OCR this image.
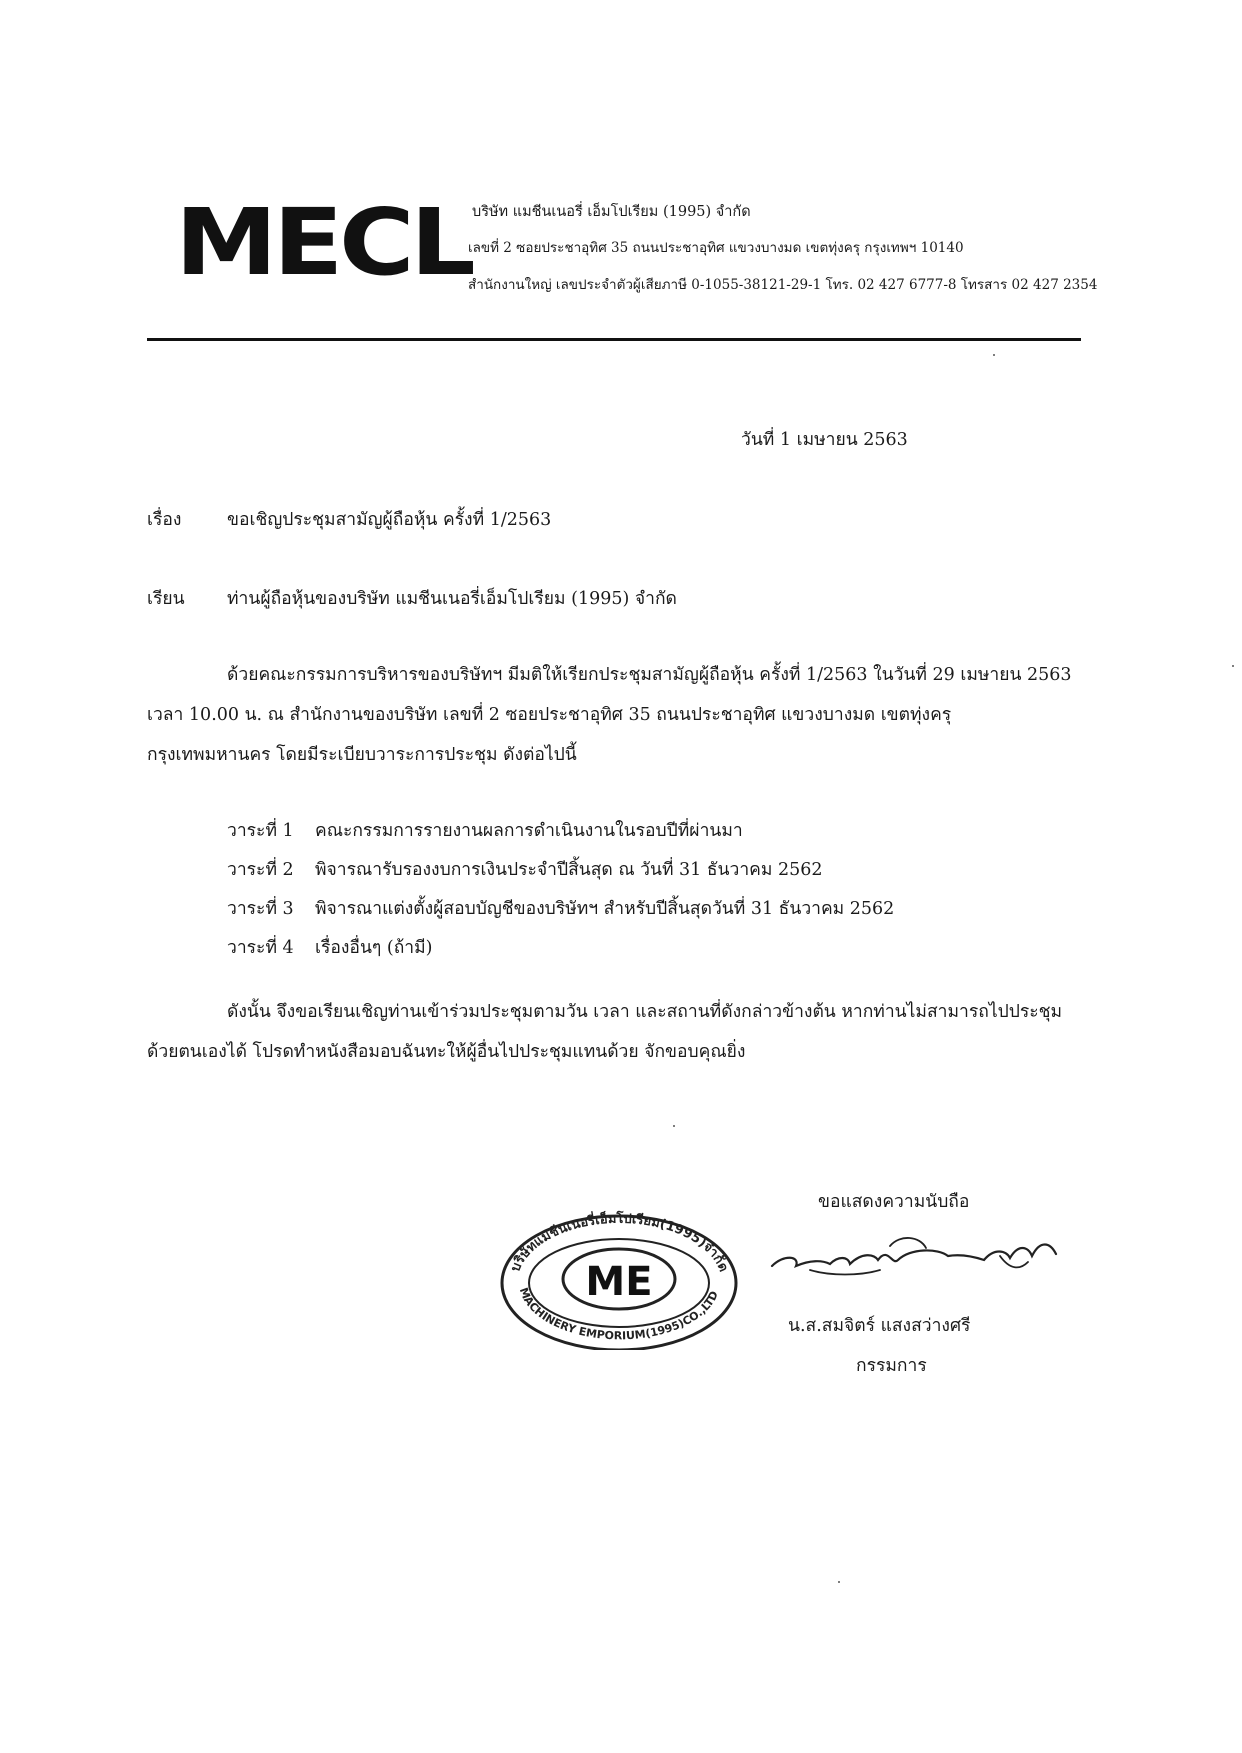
MECL บริษัท แมชีนเนอรี่ เอ็มโปเรียม (1995) จำกัด
เลขที่ 2 ซอยประชาอุทิศ 35 ถนนประชาอุทิศ แขวงบางมด เขตทุ่งครุ กรุงเทพฯ 10140
สำนักงานใหญ่ เลขประจำตัวผู้เสียภาษี 0-1055-38121-29-1 โทร. 02 427 6777-8 โทรสาร 02 427 2354
วันที่ 1 เมษายน 2563
เรื่อง	ขอเชิญประชุมสามัญผู้ถือหุ้น ครั้งที่ 1/2563
เรียน ท่านผู้ถือหุ้นของบริษัท แมชีนเนอรี่เอ็มโปเรียม (1995) จำกัด
ด้วยคณะกรรมการบริหารของบริษัทฯ มีมติให้เรียกประชุมสามัญผู้ถือหุ้น ครั้งที่ 1/2563 ในวันที่ 29 เมษายน 2563
เวลา 10.00 น. ณ สำนักงานของบริษัท เลขที่ 2 ซอยประชาอุทิศ 35 ถนนประชาอุทิศ แขวงบางมด เขตทุ่งครุ
กรุงเทพมหานคร โดยมีระเบียบวาระการประชุม ดังต่อไปนี้
วาระที่ 1 คณะกรรมการรายงานผลการดำเนินงานในรอบปีที่ผ่านมา
วาระที่ 2 พิจารณารับรองงบการเงินประจำปีสิ้นสุด ณ วันที่ 31 ธันวาคม 2562
วาระที่ 3 พิจารณาแต่งตั้งผู้สอบบัญชีของบริษัทฯ สำหรับปีสิ้นสุดวันที่ 31 ธันวาคม 2562
วาระที่ 4 เรื่องอื่นๆ (ถ้ามี)
ดังนั้น จึงขอเรียนเชิญท่านเข้าร่วมประชุมตามวัน เวลา และสถานที่ดังกล่าวข้างต้น หากท่านไม่สามารถไปประชุม
ด้วยตนเองได้ โปรดทำหนังสือมอบฉันทะให้ผู้อื่นไปประชุมแทนด้วย จักขอบคุณยิ่ง
บริษัทแมชีนเนอรี่เอ็มโปเรียม(1995)จำกัด
MACHINERY EMPORIUM(1995)CO.,LTD
ME
ขอแสดงความนับถือ
น.ส.สมจิตร์ แสงสว่างศรี
กรรมการ
